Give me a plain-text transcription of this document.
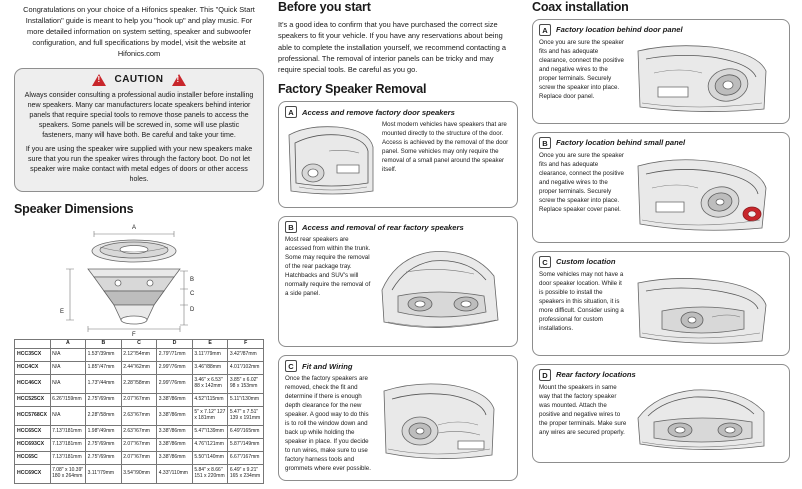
Congratulations on your choice of a Hifonics speaker. This "Quick Start Installation" guide is meant to help you "hook up" and play music. For more detailed information on system setting, speaker and subwoofer configuration, and full specifications by model, visit the website at Hifonics.com
!
CAUTION
!

Always consider consulting a professional audio installer before installing new speakers. Many car manufacturers locate speakers behind interior panels that require special tools to remove those panels to access the speakers. Some panels will be screwed in, some will use plastic fasteners, many will have both. Be careful and take your time.

If you are using the speaker wire supplied with your new speakers make sure that you run the speaker wires through the factory boot. Do not let speaker wire make contact with metal edges of doors or other access holes.

Speaker Dimensions
A
B
C
D
E
F
	A	B	C	D	E	F
HCC35CX	N/A	1.53"/39mm	2.12"/54mm	2.79"/71mm	3.11"/79mm	3.42"/87mm
HCC4CX	N/A	1.85"/47mm	2.44"/62mm	2.99"/76mm	3.46"/88mm	4.01"/102mm
HCC46CX	N/A	1.73"/44mm	2.28"/58mm	2.99"/76mm	3.46" x 6.53" 88 x 142mm	3.85" x 6.02" 98 x 153mm
HCC525CX	6.26"/159mm	2.75"/69mm	2.07"/67mm	3.38"/86mm	4.52"/115mm	5.11"/130mm
HCC5768CX	N/A	2.28"/58mm	2.63"/67mm	3.38"/86mm	5" x 7.12" 127 x 181mm	5.47" x 7.51" 139 x 191mm
HCC65CX	7.13"/181mm	1.98"/49mm	2.63"/67mm	3.38"/86mm	5.47"/139mm	6.49"/165mm
HCC693CX	7.13"/181mm	2.75"/69mm	2.07"/67mm	3.38"/86mm	4.76"/121mm	5.87"/149mm
HCC65C	7.13"/181mm	2.75"/69mm	2.07"/67mm	3.38"/86mm	5.50"/140mm	6.67"/167mm
HCC69CX	7.08" x 10.39" 180 x 264mm	3.11"/79mm	3.54"/90mm	4.33"/110mm	5.84" x 8.66" 151 x 220mm	6.49" x 9.21" 165 x 234mm
Before you start

It's a good idea to confirm that you have purchased the correct size speakers to fit your vehicle. If you have any reservations about being able to complete the installation yourself, we recommend contacting a professional. The removal of interior panels can be tricky and may require special tools. Be careful as you go.

Factory Speaker Removal
A	Access and remove factory door speakers

Most modern vehicles have speakers that are mounted directly to the structure of the door. Access is achieved by the removal of the door panel. Some vehicles may only require the removal of a small panel around the speaker itself.

B	Access and removal of rear factory speakers

Most rear speakers are accessed from within the trunk. Some may require the removal of the rear package tray. Hatchbacks and SUV's will normally require the removal of a side panel.

C	Fit and Wiring

Once the factory speakers are removed, check the fit and determine if there is enough depth clearance for the new speaker. A good way to do this is to roll the window down and back up while holding the speaker in place. If you decide to run wires, make sure to use factory harness tools and grommets where ever possible.

Coax installation
A	Factory location behind door panel

Once you are sure the speaker fits and has adequate clearance, connect the positive and negative wires to the proper terminals. Securely screw the speaker into place. Replace door panel.

B	Factory location behind small panel

Once you are sure the speaker fits and has adequate clearance, connect the positive and negative wires to the proper terminals. Securely screw the speaker into place. Replace speaker cover panel.

C	Custom location

Some vehicles may not have a door speaker location. While it is possible to install the speakers in this situation, it is more difficult. Consider using a professional for custom installations.

D	Rear factory locations

Mount the speakers in same way that the factory speaker was mounted. Attach the positive and negative wires to the proper terminals. Make sure any wires are secured properly.
